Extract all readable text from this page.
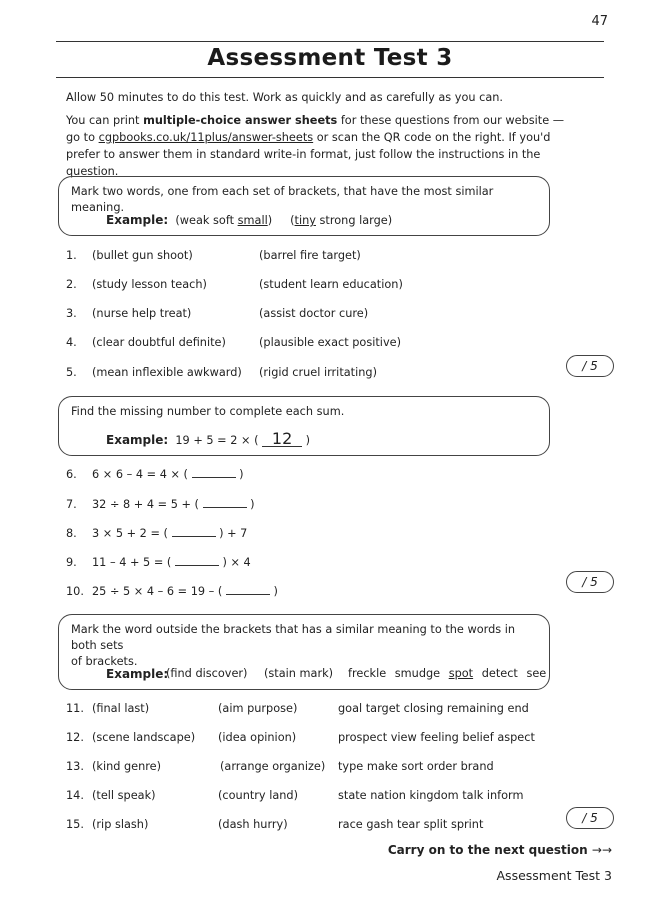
47
Assessment Test 3
Allow 50 minutes to do this test. Work as quickly and as carefully as you can.
You can print multiple-choice answer sheets for these questions from our website —
go to cgpbooks.co.uk/11plus/answer-sheets or scan the QR code on the right. If you'd
prefer to answer them in standard write-in format, just follow the instructions in the question.
Mark two words, one from each set of brackets, that have the most similar meaning.
Example: (weak soft small) (tiny strong large)
1. (bullet gun shoot)	(barrel fire target)
2. (study lesson teach)	(student learn education)
3. (nurse help treat)	(assist doctor cure)
4. (clear doubtful definite)	(plausible exact positive)
5. (mean inflexible awkward) (rigid cruel irritating)	/ 5
Find the missing number to complete each sum.
Example: 19 + 5 = 2 × ( 12 )
6. 6 × 6 – 4 = 4 × (	)
7. 32 ÷ 8 + 4 = 5 + (	)
8. 3 × 5 + 2 = (	) + 7
9. 11 – 4 + 5 = (	) × 4
10. 25 ÷ 5 × 4 – 6 = 19 – (	)
/ 5
Mark the word outside the brackets that has a similar meaning to the words in both sets
of brackets.
Example:
(find discover) (stain mark) freckle smudge spot detect see
11. (final last)	(aim purpose)	goal target closing remaining end
12. (scene landscape) (idea opinion)	prospect view feeling belief aspect
13. (kind genre)	(arrange organize) type make sort order brand
14. (tell speak)	(country land)	state nation kingdom talk inform
15. (rip slash)	(dash hurry)	race gash tear split sprint	/ 5
Carry on to the next question →→
Assessment Test 3
